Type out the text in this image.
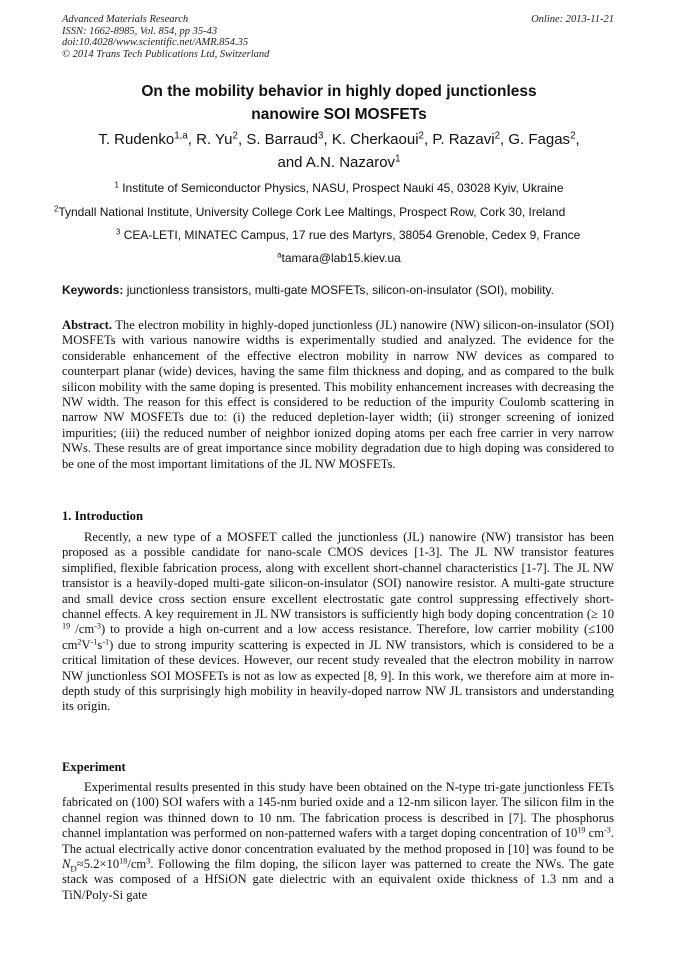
Advanced Materials Research
ISSN: 1662-8985, Vol. 854, pp 35-43
doi:10.4028/www.scientific.net/AMR.854.35
© 2014 Trans Tech Publications Ltd, Switzerland
Online: 2013-11-21
On the mobility behavior in highly doped junctionless
nanowire SOI MOSFETs
T. Rudenko$^{1,a}$, R. Yu$^2$, S. Barraud$^3$, K. Cherkaoui$^2$, P. Razavi$^2$, G. Fagas$^2$,
and A.N. Nazarov$^1$
$^1$ Institute of Semiconductor Physics, NASU, Prospect Nauki 45, 03028 Kyiv, Ukraine
$^2$Tyndall National Institute, University College Cork Lee Maltings, Prospect Row, Cork 30, Ireland
$^3$ CEA-LETI, MINATEC Campus, 17 rue des Martyrs, 38054 Grenoble, Cedex 9, France
$^a$tamara@lab15.kiev.ua
Keywords: junctionless transistors, multi-gate MOSFETs, silicon-on-insulator (SOI), mobility.

Abstract. The electron mobility in highly-doped junctionless (JL) nanowire (NW) silicon-on-insulator (SOI) MOSFETs with various nanowire widths is experimentally studied and analyzed. The evidence for the considerable enhancement of the effective electron mobility in narrow NW devices as compared to counterpart planar (wide) devices, having the same film thickness and doping, and as compared to the bulk silicon mobility with the same doping is presented. This mobility enhancement increases with decreasing the NW width. The reason for this effect is considered to be reduction of the impurity Coulomb scattering in narrow NW MOSFETs due to: (i) the reduced depletion-layer width; (ii) stronger screening of ionized impurities; (iii) the reduced number of neighbor ionized doping atoms per each free carrier in very narrow NWs. These results are of great importance since mobility degradation due to high doping was considered to be one of the most important limitations of the JL NW MOSFETs.

1. Introduction

Recently, a new type of a MOSFET called the junctionless (JL) nanowire (NW) transistor has been proposed as a possible candidate for nano-scale CMOS devices [1-3]. The JL NW transistor features simplified, flexible fabrication process, along with excellent short-channel characteristics [1-7]. The JL NW transistor is a heavily-doped multi-gate silicon-on-insulator (SOI) nanowire resistor. A multi-gate structure and small device cross section ensure excellent electrostatic gate control suppressing effectively short-channel effects. A key requirement in JL NW transistors is sufficiently high body doping concentration (≥ 10 $^{19}$ $/cm^{-3}$) to provide a high on-current and a low access resistance. Therefore, low carrier mobility (≤100 $cm^2V^{-1}s^{-1}$) due to strong impurity scattering is expected in JL NW transistors, which is considered to be a critical limitation of these devices. However, our recent study revealed that the electron mobility in narrow NW junctionless SOI MOSFETs is not as low as expected [8, 9]. In this work, we therefore aim at more in-depth study of this surprisingly high mobility in heavily-doped narrow NW JL transistors and understanding its origin.

Experiment

Experimental results presented in this study have been obtained on the N-type tri-gate junctionless FETs fabricated on (100) SOI wafers with a 145-nm buried oxide and a 12-nm silicon layer. The silicon film in the channel region was thinned down to 10 nm. The fabrication process is described in [7]. The phosphorus channel implantation was performed on non-patterned wafers with a target doping concentration of $10^{19}$ $cm^{-3}$. The actual electrically active donor concentration evaluated by the method proposed in [10] was found to be $N_D\approx 5.2\times 10^{18}/cm^3$. Following the film doping, the silicon layer was patterned to create the NWs. The gate stack was composed of a HfSiON gate dielectric with an equivalent oxide thickness of 1.3 nm and a TiN/Poly-Si gate
